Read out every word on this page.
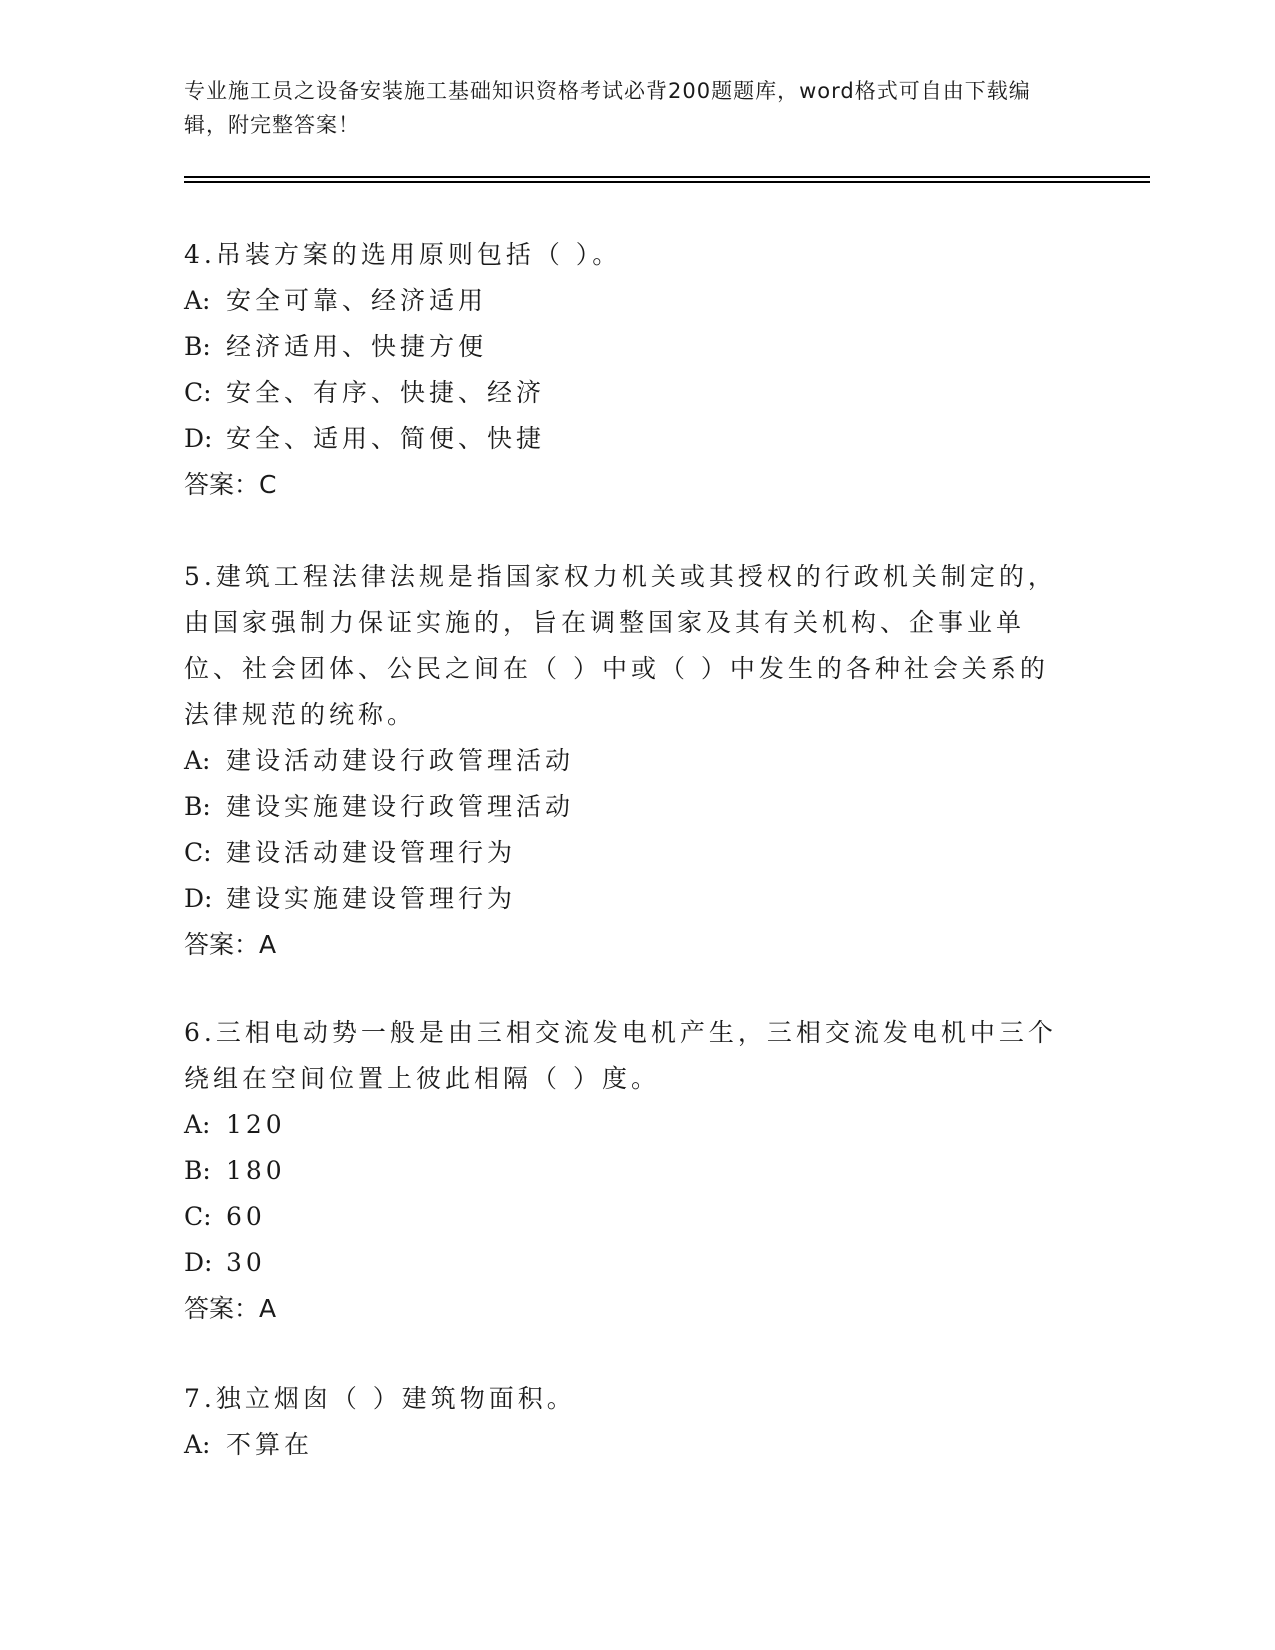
专业施工员之设备安装施工基础知识资格考试必背200题题库，word格式可自由下载编辑，附完整答案！

4.吊装方案的选用原则包括（ ）。

A: 安全可靠、经济适用

B: 经济适用、快捷方便

C: 安全、有序、快捷、经济

D: 安全、适用、简便、快捷

答案：C

5.建筑工程法律法规是指国家权力机关或其授权的行政机关制定的，由国家强制力保证实施的，旨在调整国家及其有关机构、企事业单位、社会团体、公民之间在（ ）中或（ ）中发生的各种社会关系的法律规范的统称。

A: 建设活动建设行政管理活动

B: 建设实施建设行政管理活动

C: 建设活动建设管理行为

D: 建设实施建设管理行为

答案：A

6.三相电动势一般是由三相交流发电机产生，三相交流发电机中三个绕组在空间位置上彼此相隔（ ）度。

A: 120

B: 180

C: 60

D: 30

答案：A

7.独立烟囱（ ）建筑物面积。

A: 不算在
